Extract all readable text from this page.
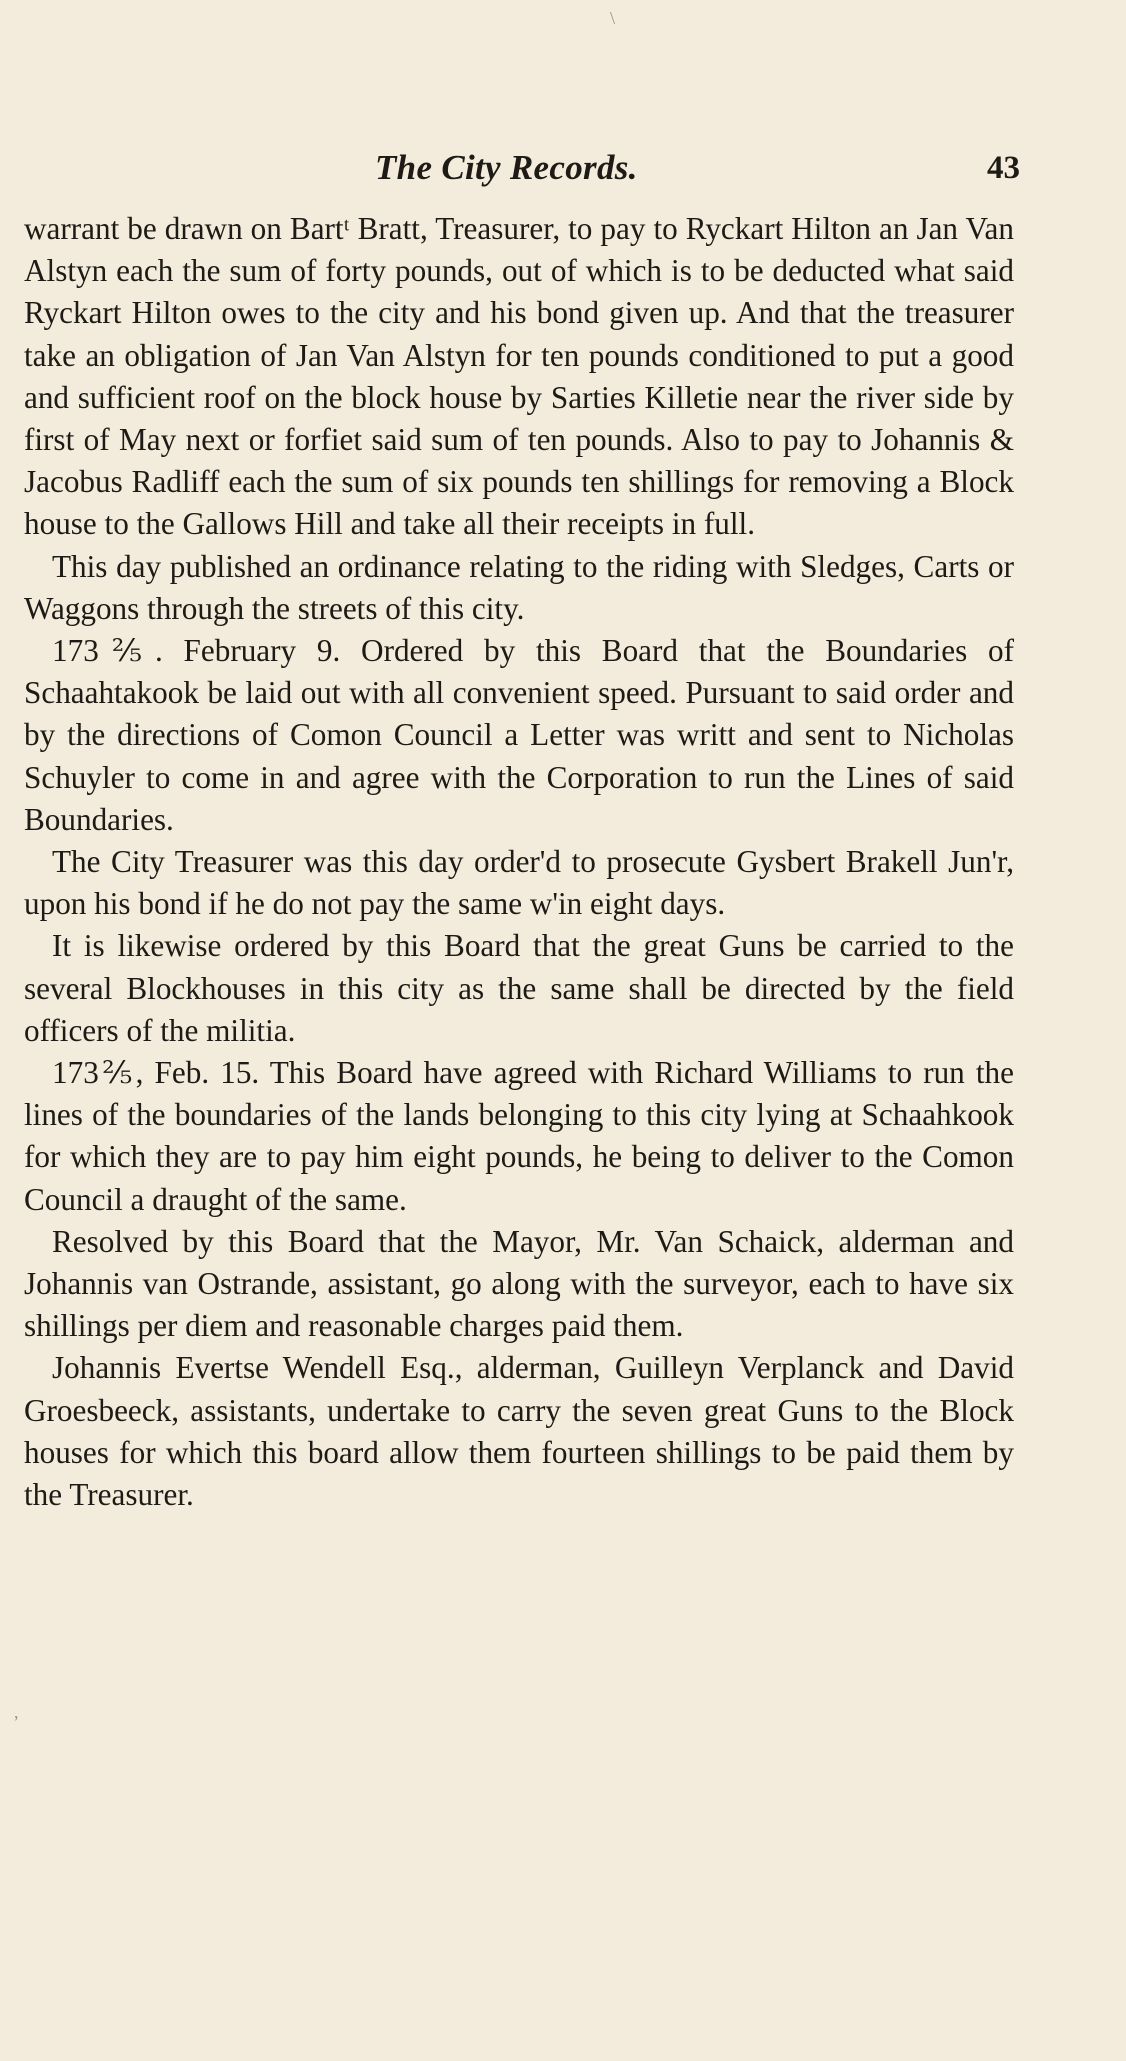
\
The City Records.	43

warrant be drawn on Bartᵗ Bratt, Treasurer, to pay to Ryckart Hilton an Jan Van Alstyn each the sum of forty pounds, out of which is to be deducted what said Ryckart Hilton owes to the city and his bond given up. And that the treasurer take an obligation of Jan Van Alstyn for ten pounds conditioned to put a good and sufficient roof on the block house by Sarties Killetie near the river side by first of May next or forfiet said sum of ten pounds. Also to pay to Johannis & Jacobus Radliff each the sum of six pounds ten shillings for removing a Block house to the Gallows Hill and take all their receipts in full.

This day published an ordinance relating to the riding with Sledges, Carts or Waggons through the streets of this city.

173⅖. February 9. Ordered by this Board that the Boundaries of Schaahtakook be laid out with all convenient speed. Pursuant to said order and by the directions of Comon Council a Letter was writt and sent to Nicholas Schuyler to come in and agree with the Corporation to run the Lines of said Boundaries.

The City Treasurer was this day order'd to prosecute Gysbert Brakell Jun'r, upon his bond if he do not pay the same w'in eight days.

It is likewise ordered by this Board that the great Guns be carried to the several Blockhouses in this city as the same shall be directed by the field officers of the militia.

173⅖, Feb. 15. This Board have agreed with Richard Williams to run the lines of the boundaries of the lands belonging to this city lying at Schaahkook for which they are to pay him eight pounds, he being to deliver to the Comon Council a draught of the same.

Resolved by this Board that the Mayor, Mr. Van Schaick, alderman and Johannis van Ostrande, assistant, go along with the surveyor, each to have six shillings per diem and reasonable charges paid them.

Johannis Evertse Wendell Esq., alderman, Guilleyn Verplanck and David Groesbeeck, assistants, undertake to carry the seven great Guns to the Block houses for which this board allow them fourteen shillings to be paid them by the Treasurer.

,
